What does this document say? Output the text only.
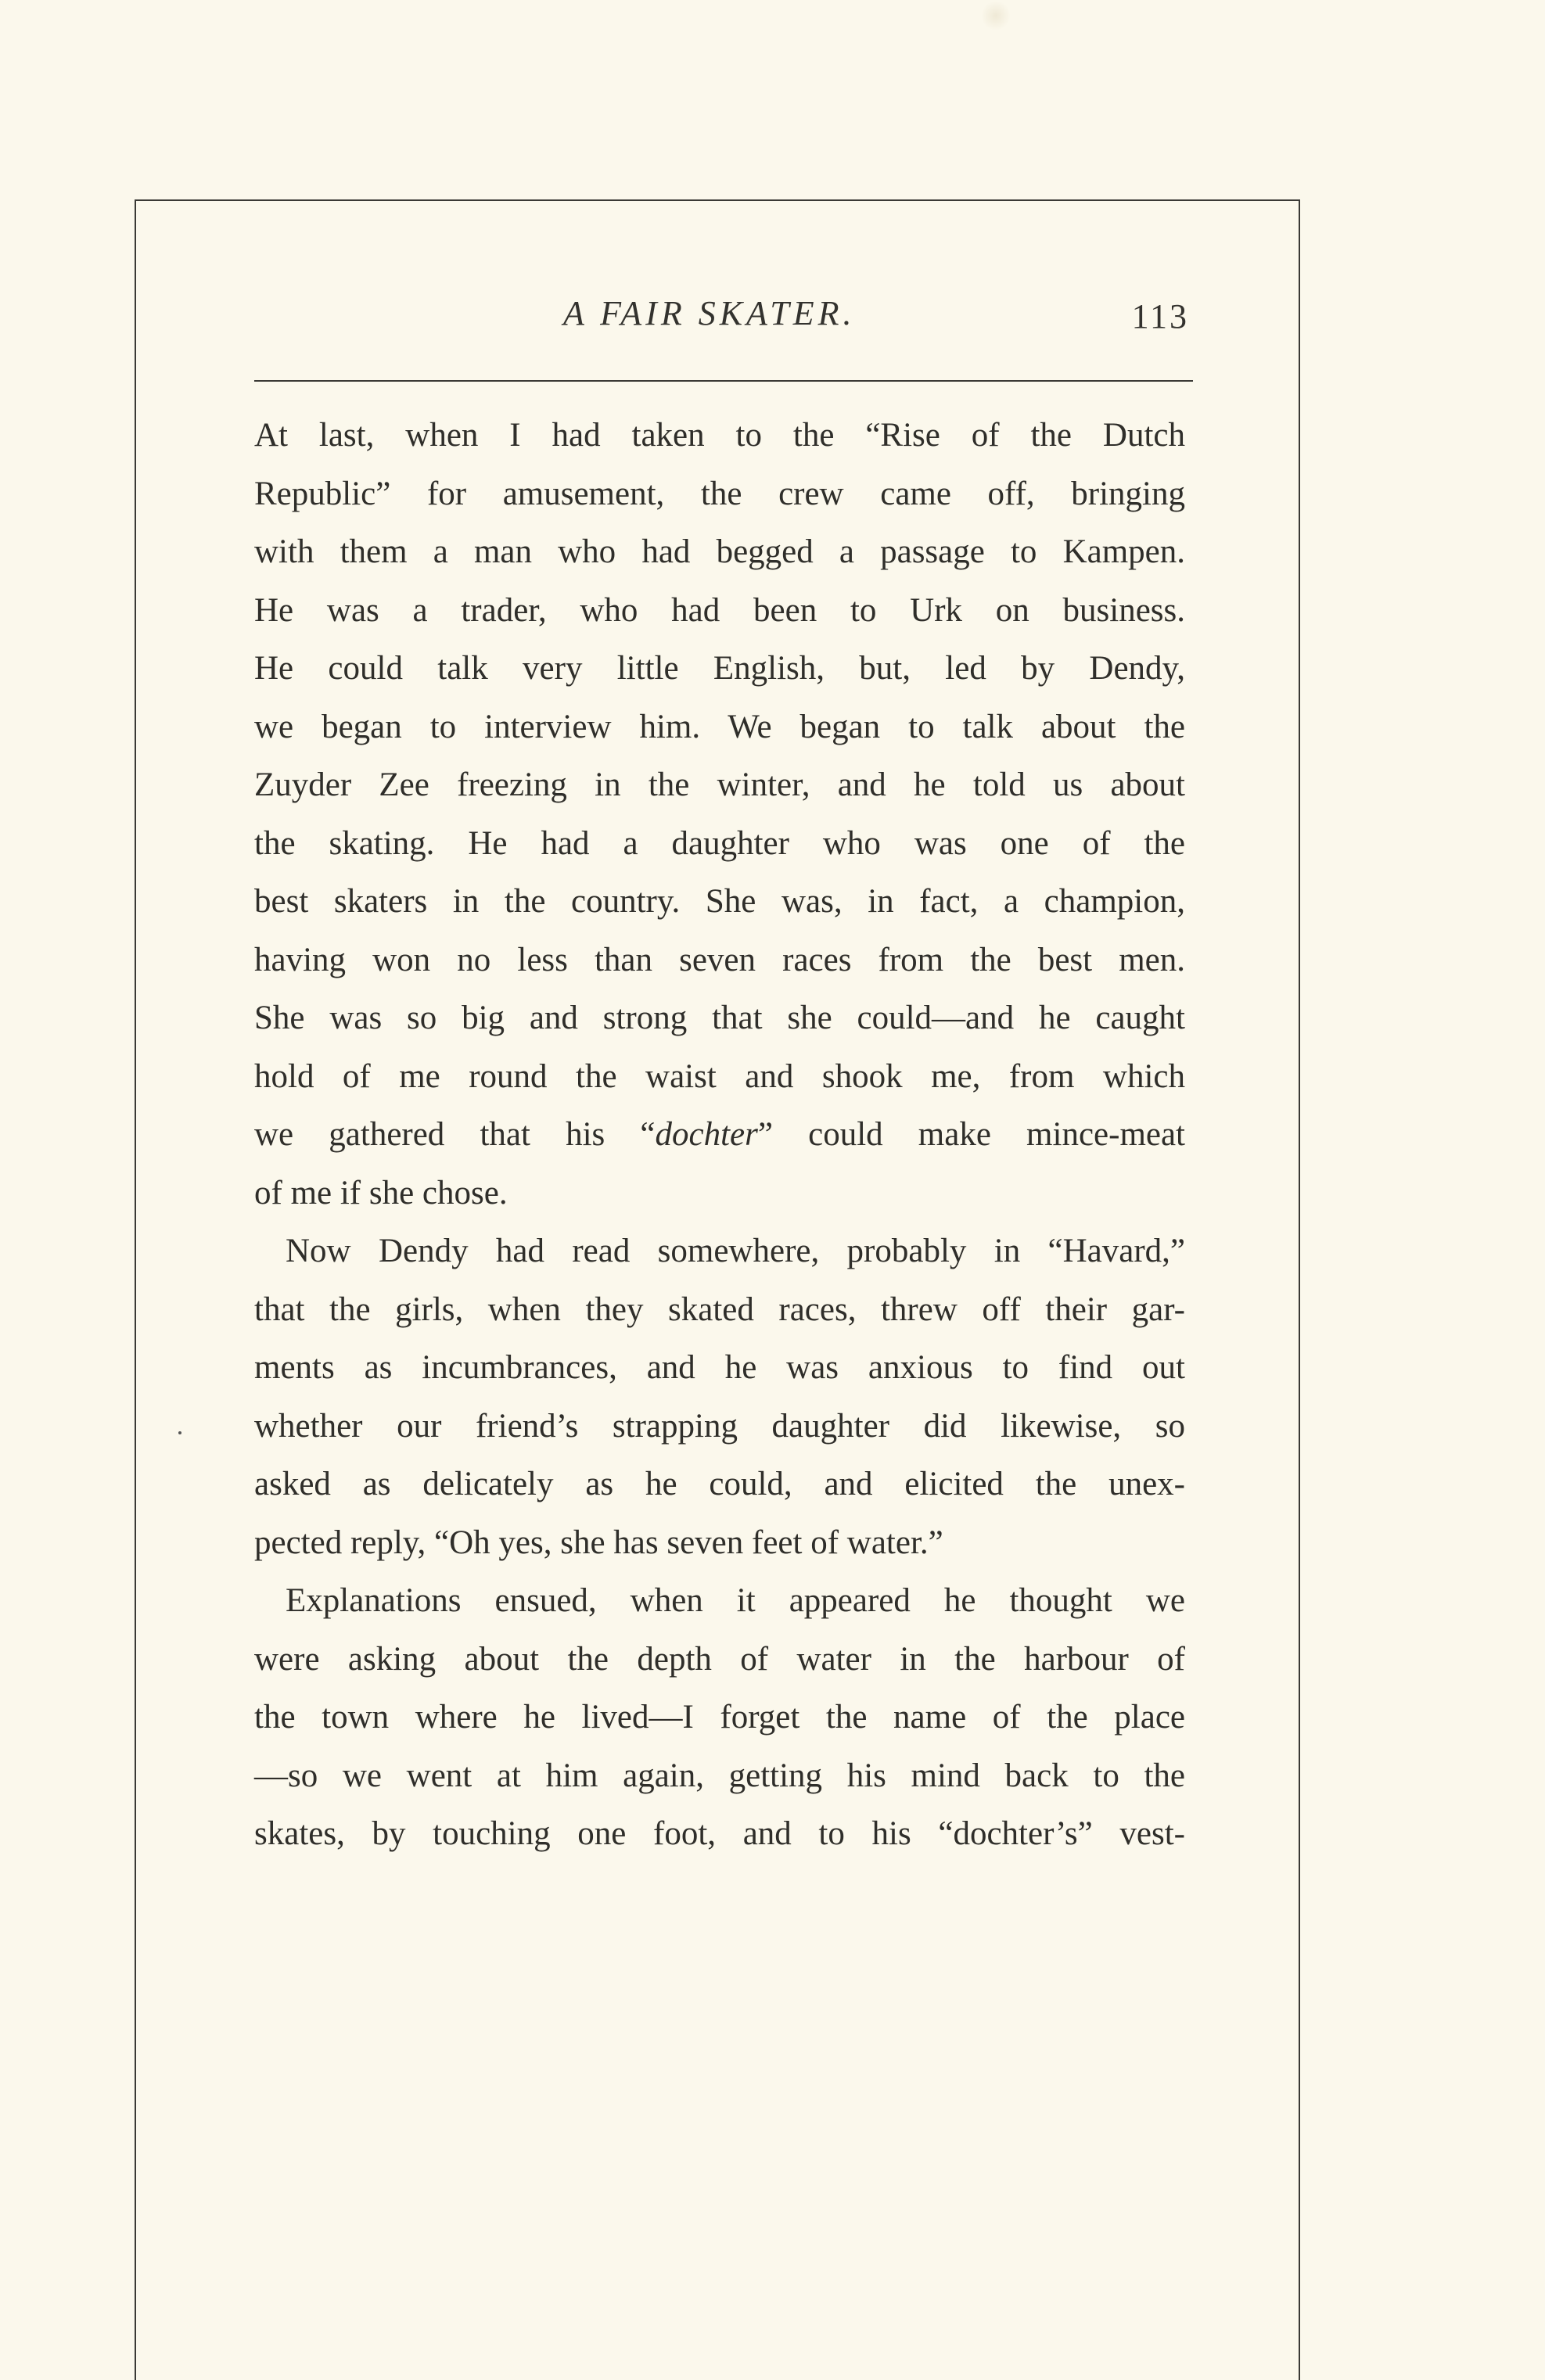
A FAIR SKATER.	113
At last, when I had taken to the “Rise of the Dutch
Republic” for amusement, the crew came off, bringing
with them a man who had begged a passage to Kampen.
He was a trader, who had been to Urk on business.
He could talk very little English, but, led by Dendy,
we began to interview him. We began to talk about the
Zuyder Zee freezing in the winter, and he told us about
the skating. He had a daughter who was one of the
best skaters in the country. She was, in fact, a champion,
having won no less than seven races from the best men.
She was so big and strong that she could—and he caught
hold of me round the waist and shook me, from which
we gathered that his “dochter” could make mince-meat
of me if she chose.
Now Dendy had read somewhere, probably in “Havard,”
that the girls, when they skated races, threw off their gar-
ments as incumbrances, and he was anxious to find out
whether our friend’s strapping daughter did likewise, so
asked as delicately as he could, and elicited the unex-
pected reply, “Oh yes, she has seven feet of water.”
Explanations ensued, when it appeared he thought we
were asking about the depth of water in the harbour of
the town where he lived—I forget the name of the place
—so we went at him again, getting his mind back to the
skates, by touching one foot, and to his “dochter’s” vest-
